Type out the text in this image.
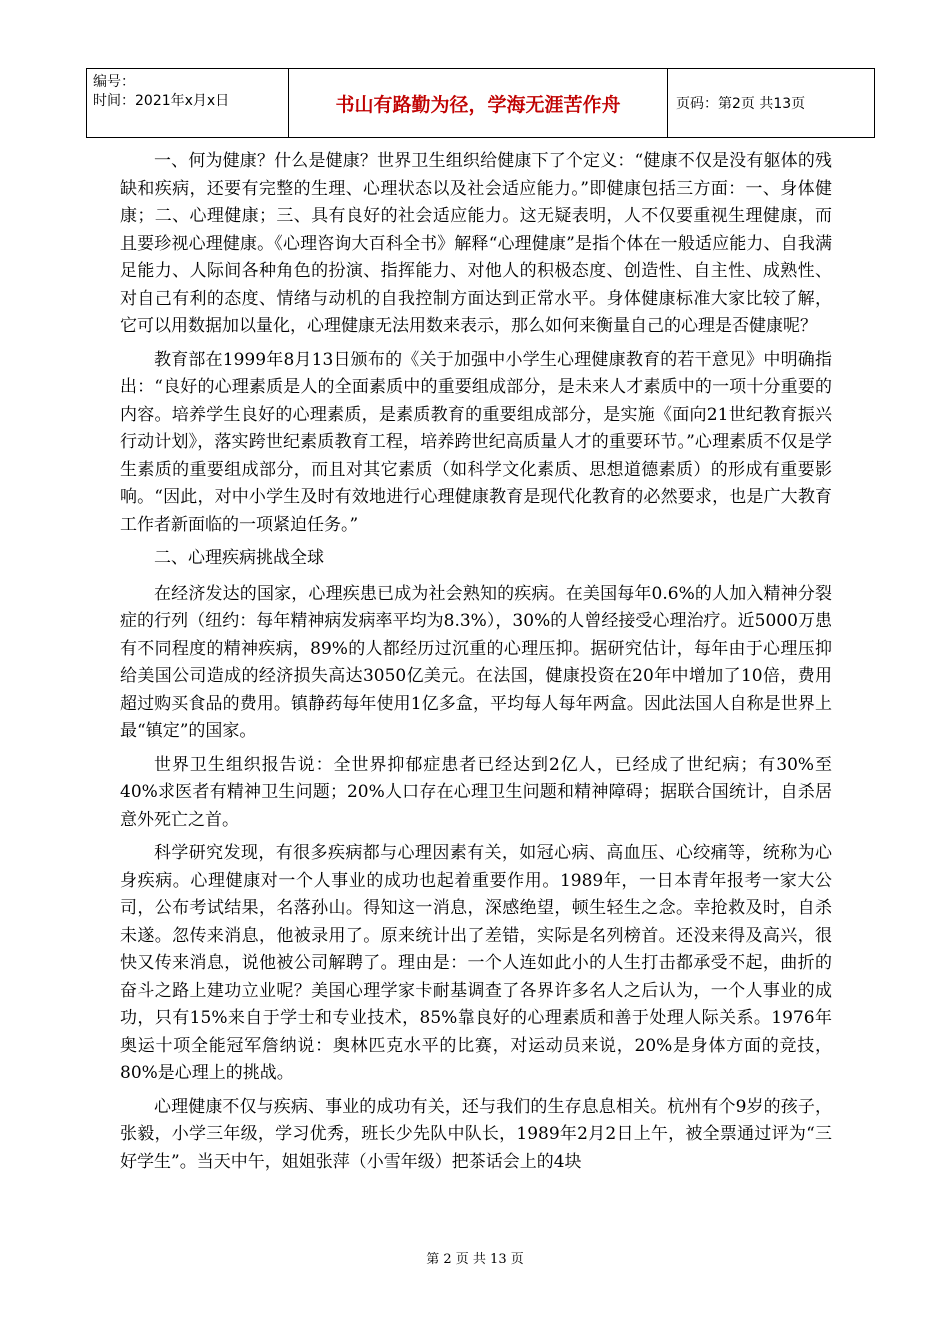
编号：
时间：2021年x月x日	书山有路勤为径，学海无涯苦作舟	页码：第2页 共13页

一、何为健康？什么是健康？世界卫生组织给健康下了个定义：“健康不仅是没有躯体的残缺和疾病，还要有完整的生理、心理状态以及社会适应能力。”即健康包括三方面：一、身体健康；二、心理健康；三、具有良好的社会适应能力。这无疑表明，人不仅要重视生理健康，而且要珍视心理健康。《心理咨询大百科全书》解释“心理健康”是指个体在一般适应能力、自我满足能力、人际间各种角色的扮演、指挥能力、对他人的积极态度、创造性、自主性、成熟性、对自己有利的态度、情绪与动机的自我控制方面达到正常水平。身体健康标准大家比较了解，它可以用数据加以量化，心理健康无法用数来表示，那么如何来衡量自己的心理是否健康呢？

教育部在1999年8月13日颁布的《关于加强中小学生心理健康教育的若干意见》中明确指出：“良好的心理素质是人的全面素质中的重要组成部分，是未来人才素质中的一项十分重要的内容。培养学生良好的心理素质，是素质教育的重要组成部分，是实施《面向21世纪教育振兴行动计划》，落实跨世纪素质教育工程，培养跨世纪高质量人才的重要环节。”心理素质不仅是学生素质的重要组成部分，而且对其它素质（如科学文化素质、思想道德素质）的形成有重要影响。“因此，对中小学生及时有效地进行心理健康教育是现代化教育的必然要求，也是广大教育工作者新面临的一项紧迫任务。”

二、心理疾病挑战全球

在经济发达的国家，心理疾患已成为社会熟知的疾病。在美国每年0.6%的人加入精神分裂症的行列（纽约：每年精神病发病率平均为8.3%），30%的人曾经接受心理治疗。近5000万患有不同程度的精神疾病，89%的人都经历过沉重的心理压抑。据研究估计，每年由于心理压抑给美国公司造成的经济损失高达3050亿美元。在法国，健康投资在20年中增加了10倍，费用超过购买食品的费用。镇静药每年使用1亿多盒，平均每人每年两盒。因此法国人自称是世界上最“镇定”的国家。

世界卫生组织报告说：全世界抑郁症患者已经达到2亿人，已经成了世纪病；有30%至40%求医者有精神卫生问题；20%人口存在心理卫生问题和精神障碍；据联合国统计，自杀居意外死亡之首。

科学研究发现，有很多疾病都与心理因素有关，如冠心病、高血压、心绞痛等，统称为心身疾病。心理健康对一个人事业的成功也起着重要作用。1989年，一日本青年报考一家大公司，公布考试结果，名落孙山。得知这一消息，深感绝望，顿生轻生之念。幸抢救及时，自杀未遂。忽传来消息，他被录用了。原来统计出了差错，实际是名列榜首。还没来得及高兴，很快又传来消息，说他被公司解聘了。理由是：一个人连如此小的人生打击都承受不起，曲折的奋斗之路上建功立业呢？美国心理学家卡耐基调查了各界许多名人之后认为，一个人事业的成功，只有15%来自于学士和专业技术，85%靠良好的心理素质和善于处理人际关系。1976年奥运十项全能冠军詹纳说：奥林匹克水平的比赛，对运动员来说，20%是身体方面的竞技，80%是心理上的挑战。

心理健康不仅与疾病、事业的成功有关，还与我们的生存息息相关。杭州有个9岁的孩子，张毅，小学三年级，学习优秀，班长少先队中队长，1989年2月2日上午，被全票通过评为“三好学生”。当天中午，姐姐张萍（小雪年级）把茶话会上的4块

第 2 页 共 13 页
